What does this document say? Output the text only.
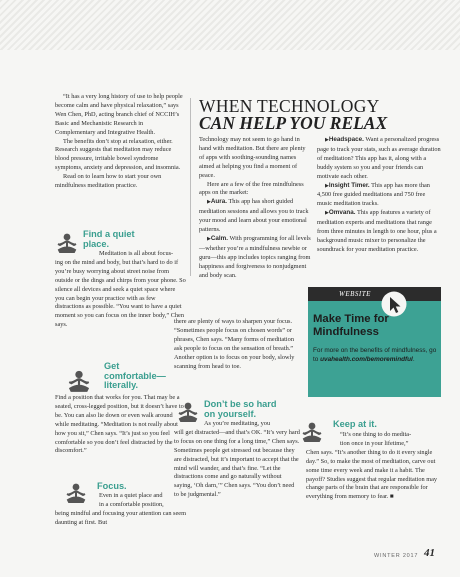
“It has a very long history of use to help people become calm and have physical relaxation,” says Wen Chen, PhD, acting branch chief of NCCIH’s Basic and Mechanistic Research in Complementary and Integrative Health.

The benefits don’t stop at relaxation, either. Research suggests that meditation may reduce blood pressure, irritable bowel syndrome symptoms, anxiety and depression, and insomnia.

Read on to learn how to start your own mindfulness meditation practice.

Find a quiet
place.

Meditation is all about focus-

ing on the mind and body, but that’s hard to do if you’re busy worrying about street noise from outside or the dings and chirps from your phone. So silence all devices and seek a quiet space where you can begin your practice with as few distractions as possible. “You want to have a quiet moment so you can focus on the inner body,” Chen says.

Get
comfortable—
literally.

Find a position that works for you. That may be a seated, cross-legged position, but it doesn’t have to be. You can also lie down or even walk around while meditating. “Meditation is not really about how you sit,” Chen says. “It’s just so you feel comfortable so you don’t feel distracted by the discomfort.”

Focus.

Even in a quiet place and

in a comfortable position,

being mindful and focusing your attention can seem daunting at first. But

WHEN TECHNOLOGY
CAN HELP YOU RELAX

Technology may not seem to go hand in hand with meditation. But there are plenty of apps with soothing-sounding names aimed at helping you find a moment of peace.

Here are a few of the free mindfulness apps on the market:

▶Aura. This app has short guided meditation sessions and allows you to track your mood and learn about your emotional patterns.

▶Calm. With programming for all levels—whether you’re a mindfulness newbie or guru—this app includes topics ranging from happiness and forgiveness to nonjudgment and body scan.

▶Headspace. Want a personalized progress page to track your stats, such as average duration of meditation? This app has it, along with a buddy system so you and your friends can motivate each other.

▶Insight Timer. This app has more than 4,500 free guided meditations and 750 free music meditation tracks.

▶Omvana. This app features a variety of meditation experts and meditations that range from three minutes in length to one hour, plus a background music mixer to personalize the soundtrack for your meditation practice.

there are plenty of ways to sharpen your focus. “Sometimes people focus on chosen words” or phrases, Chen says. “Many forms of meditation ask people to focus on the sensation of breath.” Another option is to focus on your body, slowly scanning from head to toe.

Don’t be so hard
on yourself.

As you’re meditating, you

will get distracted—and that’s OK. “It’s very hard to focus on one thing for a long time,” Chen says. Sometimes people get stressed out because they are distracted, but it’s important to accept that the mind will wander, and that’s fine. “Let the distractions come and go naturally without saying, ‘Oh darn,’” Chen says. “You don’t need to be judgmental.”

WEBSITE
Make Time for Mindfulness
For more on the benefits of mindfulness, go to uvahealth.com/bemoremindful.
Keep at it.

“It’s one thing to do medita-

tion once in your lifetime,”

Chen says. “It’s another thing to do it every single day.” So, to make the most of meditation, carve out some time every week and make it a habit. The payoff? Studies suggest that regular meditation may change parts of the brain that are responsible for everything from memory to fear. ■

WINTER 2017 41
